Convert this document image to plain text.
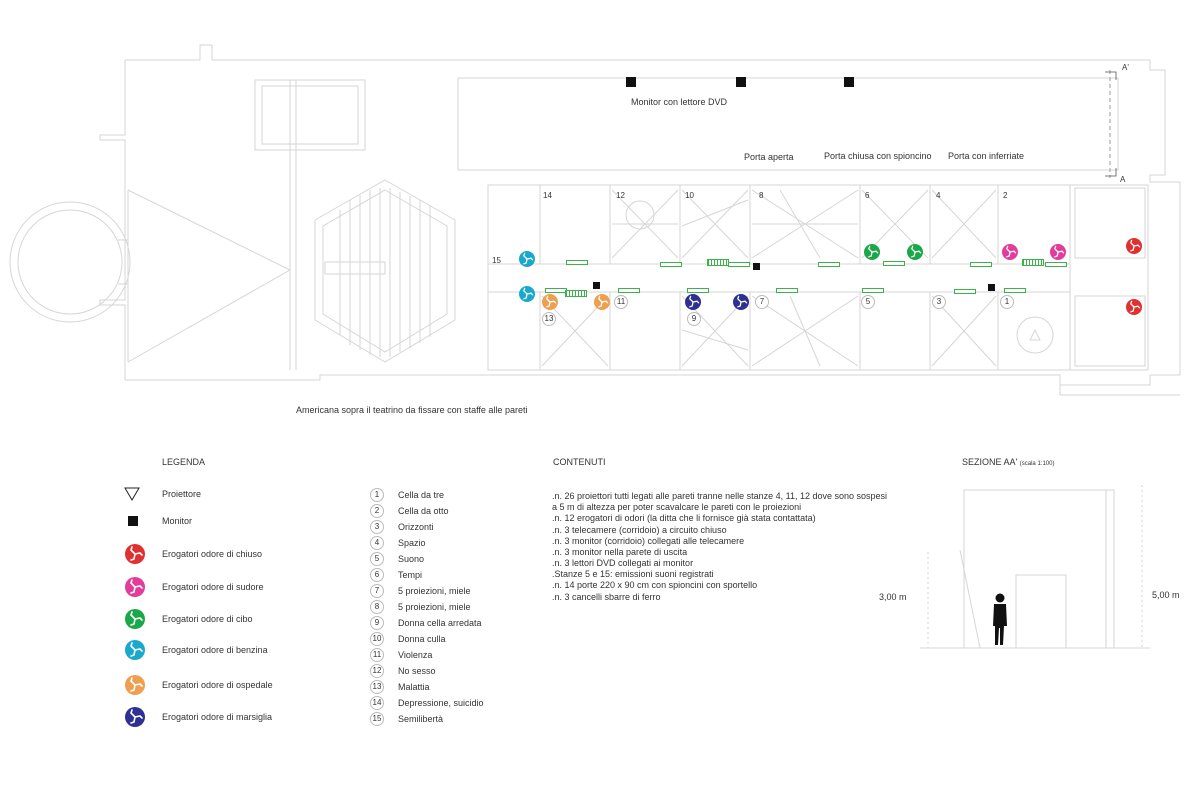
A'
A
Monitor con lettore DVD
Porta aperta	Porta chiusa con spioncino Porta con inferriate
14	12	10	8	6	4	2
15
11
13	9
7	5	3	1
Americana sopra il teatrino da fissare con staffe alle pareti
LEGENDA
Proiettore
Monitor
Erogatori odore di chiuso
Erogatori odore di sudore
Erogatori odore di cibo
Erogatori odore di benzina
Erogatori odore di ospedale
Erogatori odore di marsiglia
1	Cella da tre
2	Cella da otto
3	Orizzonti
4	Spazio
5	Suono
6	Tempi
7	5 proiezioni, miele
8	5 proiezioni, miele
9	Donna cella arredata
10 Donna culla
11	Violenza
12 No sesso
13 Malattia
14 Depressione, suicidio
15 Semilibertà
CONTENUTI
.n. 26 proiettori tutti legati alle pareti tranne nelle stanze 4, 11, 12 dove sono sospesi
a 5 m di altezza per poter scavalcare le pareti con le proiezioni
.n. 12 erogatori di odori (la ditta che li fornisce già stata contattata)
.n. 3 telecamere (corridoio) a circuito chiuso
.n. 3 monitor (corridoio) collegati alle telecamere
.n. 3 monitor nella parete di uscita
.n. 3 lettori DVD collegati ai monitor
.Stanze 5 e 15: emissioni suoni registrati
.n. 14 porte 220 x 90 cm con spioncini con sportello
.n. 3 cancelli sbarre di ferro
SEZIONE AA' (scala 1:100)
3,00 m	5,00 m
